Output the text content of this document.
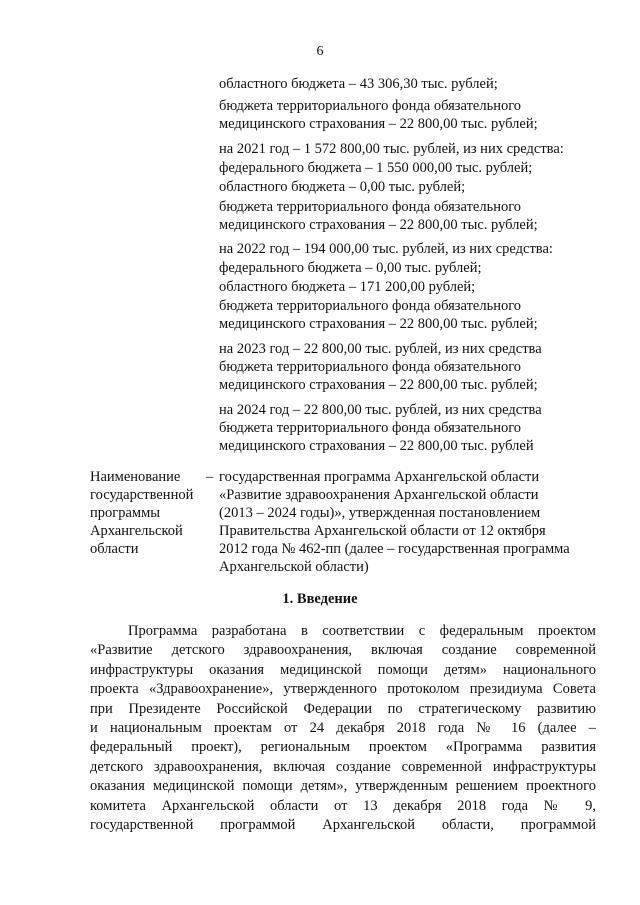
6
областного бюджета – 43 306,30 тыс. рублей;
бюджета территориального фонда обязательного
медицинского страхования – 22 800,00 тыс. рублей;
на 2021 год – 1 572 800,00 тыс. рублей, из них средства:
федерального бюджета – 1 550 000,00 тыс. рублей;
областного бюджета – 0,00 тыс. рублей;
бюджета территориального фонда обязательного
медицинского страхования – 22 800,00 тыс. рублей;
на 2022 год – 194 000,00 тыс. рублей, из них средства:
федерального бюджета – 0,00 тыс. рублей;
областного бюджета – 171 200,00 рублей;
бюджета территориального фонда обязательного
медицинского страхования – 22 800,00 тыс. рублей;
на 2023 год – 22 800,00 тыс. рублей, из них средства
бюджета территориального фонда обязательного
медицинского страхования – 22 800,00 тыс. рублей;
на 2024 год – 22 800,00 тыс. рублей, из них средства
бюджета территориального фонда обязательного
медицинского страхования – 22 800,00 тыс. рублей
Наименование
государственной
программы
Архангельской
области
– государственная программа Архангельской области
«Развитие здравоохранения Архангельской области
(2013 – 2024 годы)», утвержденная постановлением
Правительства Архангельской области от 12 октября
2012 года № 462-пп (далее – государственная программа
Архангельской области)
1. Введение
Программа разработана в соответствии с федеральным проектом
«Развитие детского здравоохранения, включая создание современной
инфраструктуры оказания медицинской помощи детям» национального
проекта «Здравоохранение», утвержденного протоколом президиума Совета
при Президенте Российской Федерации по стратегическому развитию
и национальным проектам от 24 декабря 2018 года № 16 (далее –
федеральный проект), региональным проектом «Программа развития
детского здравоохранения, включая создание современной инфраструктуры
оказания медицинской помощи детям», утвержденным решением проектного
комитета Архангельской области от 13 декабря 2018 года № 9,
государственной программой Архангельской области, программой
